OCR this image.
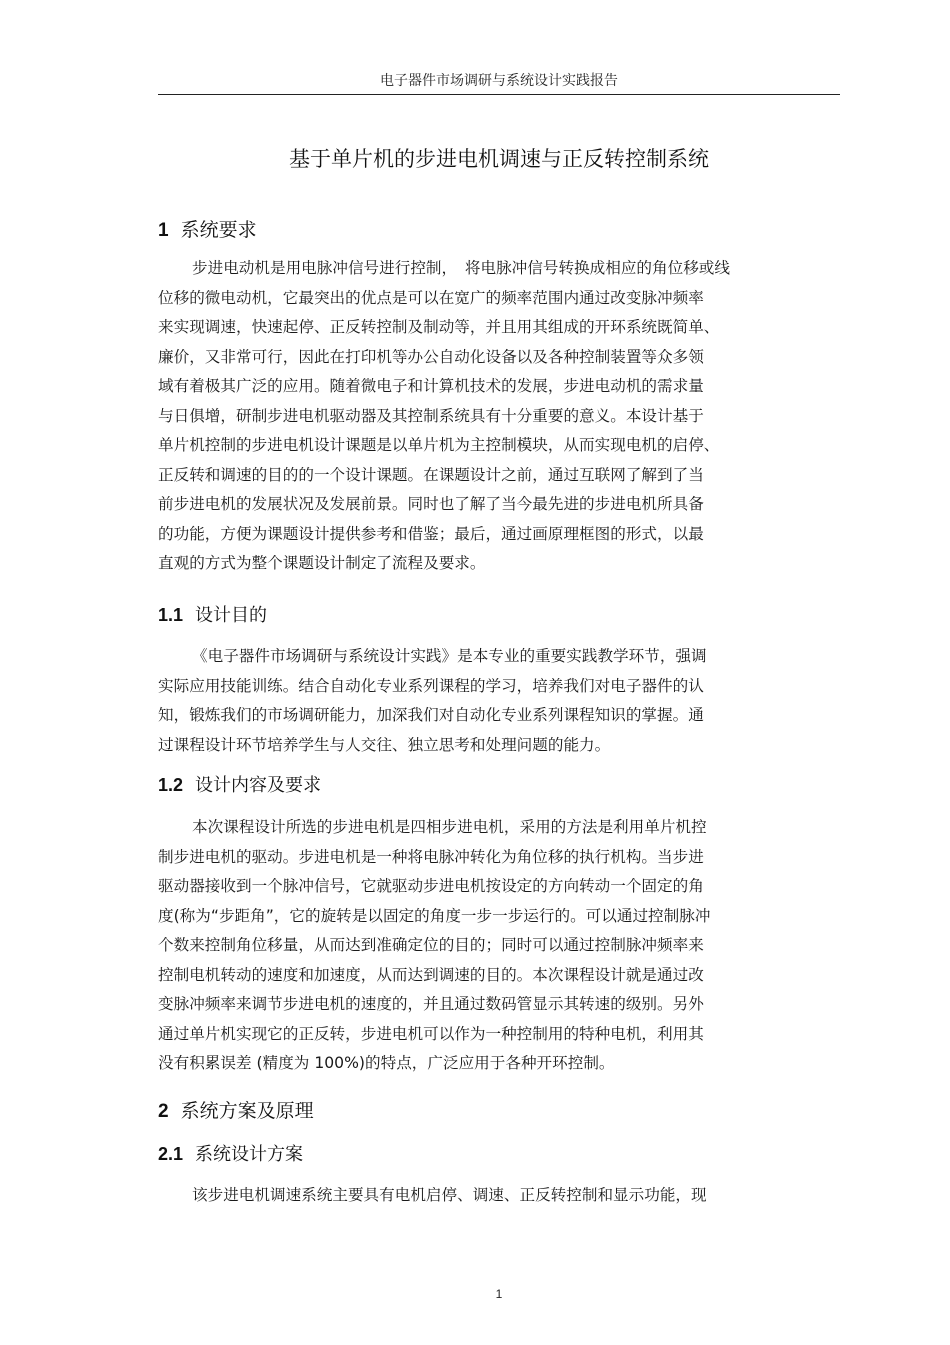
电子器件市场调研与系统设计实践报告
基于单片机的步进电机调速与正反转控制系统
1 系统要求
步进电动机是用电脉冲信号进行控制，　将电脉冲信号转换成相应的角位移或线
位移的微电动机，它最突出的优点是可以在宽广的频率范围内通过改变脉冲频率
来实现调速，快速起停、正反转控制及制动等，并且用其组成的开环系统既简单、
廉价，又非常可行，因此在打印机等办公自动化设备以及各种控制装置等众多领
域有着极其广泛的应用。随着微电子和计算机技术的发展，步进电动机的需求量
与日俱增，研制步进电机驱动器及其控制系统具有十分重要的意义。本设计基于
单片机控制的步进电机设计课题是以单片机为主控制模块，从而实现电机的启停、
正反转和调速的目的的一个设计课题。在课题设计之前，通过互联网了解到了当
前步进电机的发展状况及发展前景。同时也了解了当今最先进的步进电机所具备
的功能，方便为课题设计提供参考和借鉴；最后，通过画原理框图的形式，以最
直观的方式为整个课题设计制定了流程及要求。
1.1 设计目的
《电子器件市场调研与系统设计实践》是本专业的重要实践教学环节，强调
实际应用技能训练。结合自动化专业系列课程的学习，培养我们对电子器件的认
知，锻炼我们的市场调研能力，加深我们对自动化专业系列课程知识的掌握。通
过课程设计环节培养学生与人交往、独立思考和处理问题的能力。
1.2 设计内容及要求
本次课程设计所选的步进电机是四相步进电机，采用的方法是利用单片机控
制步进电机的驱动。步进电机是一种将电脉冲转化为角位移的执行机构。当步进
驱动器接收到一个脉冲信号，它就驱动步进电机按设定的方向转动一个固定的角
度(称为“步距角”，它的旋转是以固定的角度一步一步运行的。可以通过控制脉冲
个数来控制角位移量，从而达到准确定位的目的；同时可以通过控制脉冲频率来
控制电机转动的速度和加速度，从而达到调速的目的。本次课程设计就是通过改
变脉冲频率来调节步进电机的速度的，并且通过数码管显示其转速的级别。另外
通过单片机实现它的正反转，步进电机可以作为一种控制用的特种电机，利用其
没有积累误差 (精度为 100%)的特点，广泛应用于各种开环控制。
2 系统方案及原理
2.1 系统设计方案
该步进电机调速系统主要具有电机启停、调速、正反转控制和显示功能，现
1
